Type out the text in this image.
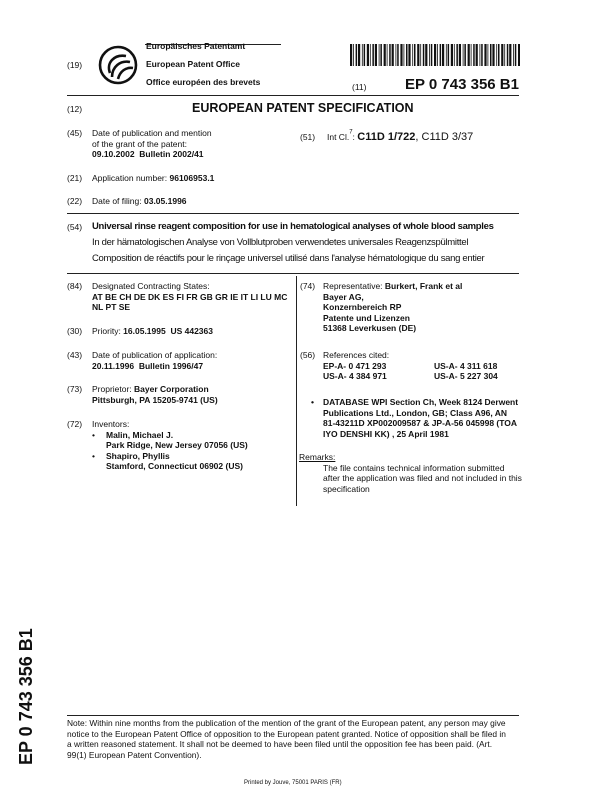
(19)
Europäisches Patentamt
European Patent Office
Office européen des brevets	(11)	EP 0 743 356 B1
(12)	EUROPEAN PATENT SPECIFICATION
(45) Date of publication and mention
of the grant of the patent:
09.10.2002 Bulletin 2002/41
(51) Int Cl.$^7$: C11D 1/722, C11D 3/37
(21) Application number: 96106953.1
(22) Date of filing: 03.05.1996
(54) Universal rinse reagent composition for use in hematological analyses of whole blood samples
In der hämatologischen Analyse von Vollblutproben verwendetes universales Reagenzspülmittel
Composition de réactifs pour le rinçage universel utilisé dans l'analyse hématologique du sang entier
(84) Designated Contracting States:
AT BE CH DE DK ES FI FR GB GR IE IT LI LU MC
NL PT SE
(30) Priority: 16.05.1995 US 442363
(43) Date of publication of application:
20.11.1996 Bulletin 1996/47
(73) Proprietor: Bayer Corporation
Pittsburgh, PA 15205-9741 (US)
(72) Inventors:
• Malin, Michael J.
Park Ridge, New Jersey 07056 (US)
• Shapiro, Phyllis
Stamford, Connecticut 06902 (US)
(74) Representative: Burkert, Frank et al
Bayer AG,
Konzernbereich RP
Patente und Lizenzen
51368 Leverkusen (DE)
(56) References cited:
EP-A- 0 471 293	US-A- 4 311 618
US-A- 4 384 971	US-A- 5 227 304
• DATABASE WPI Section Ch, Week 8124 Derwent
Publications Ltd., London, GB; Class A96, AN
81-43211D XP002009587 & JP-A-56 045998 (TOA
IYO DENSHI KK) , 25 April 1981
Remarks:
The file contains technical information submitted
after the application was filed and not included in this
specification
EP 0 743 356 B1	Note: Within nine months from the publication of the mention of the grant of the European patent, any person may give
notice to the European Patent Office of opposition to the European patent granted. Notice of opposition shall be filed in
a written reasoned statement. It shall not be deemed to have been filed until the opposition fee has been paid. (Art.
99(1) European Patent Convention).
Printed by Jouve, 75001 PARIS (FR)
